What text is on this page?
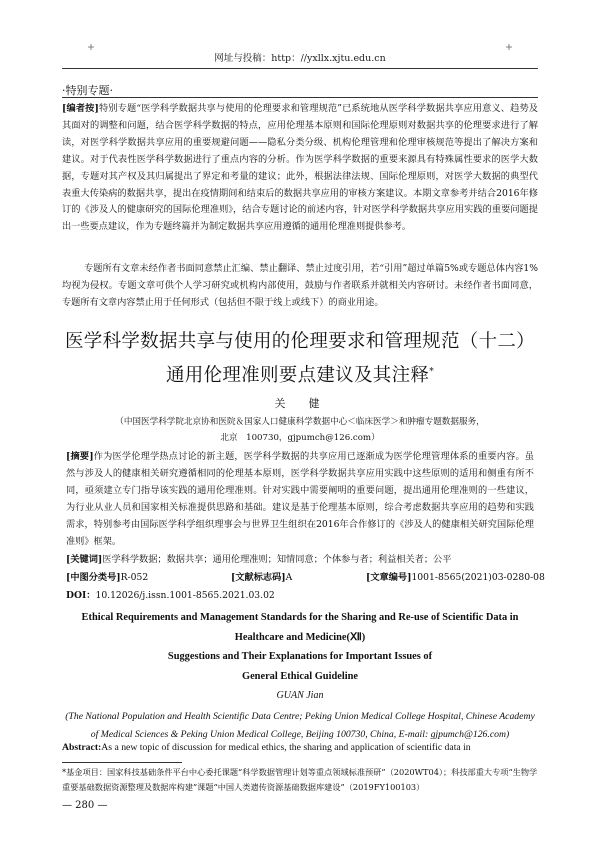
网址与投稿：http：//yxllx.xjtu.edu.cn
·特别专题·
[编者按]特别专题“医学科学数据共享与使用的伦理要求和管理规范”已系统地从医学科学数据共享应用意义、趋势及其面对的调整和问题，结合医学科学数据的特点，应用伦理基本原则和国际伦理原则对数据共享的伦理要求进行了解读，对医学科学数据共享应用的重要规避问题——隐私分类分级、机构伦理管理和伦理审核规范等提出了解决方案和建议。对于代表性医学科学数据进行了重点内容的分析。作为医学科学数据的重要来源具有特殊属性要求的医学大数据，专题对其产权及其归属提出了界定和考量的建议；此外，根据法律法规、国际伦理原则，对医学大数据的典型代表重大传染病的数据共享，提出在疫情期间和结束后的数据共享应用的审核方案建议。本期文章参考并结合2016年修订的《涉及人的健康研究的国际伦理准则》，结合专题讨论的前述内容，针对医学科学数据共享应用实践的重要问题提出一些要点建议，作为专题终篇并为制定数据共享应用遵循的通用伦理准则提供参考。
专题所有文章未经作者书面同意禁止汇编、禁止翻译、禁止过度引用，若“引用”超过单篇5%或专题总体内容1%均视为侵权。专题文章可供个人学习研究或机构内部使用，鼓励与作者联系并就相关内容研讨。未经作者书面同意，专题所有文章内容禁止用于任何形式（包括但不限于线上或线下）的商业用途。
医学科学数据共享与使用的伦理要求和管理规范（十二）
通用伦理准则要点建议及其注释*
关　健
（中国医学科学院北京协和医院＆国家人口健康科学数据中心＜临床医学＞和肿瘤专题数据服务，
北京　100730，gjpumch@126.com）
[摘要]作为医学伦理学热点讨论的新主题，医学科学数据的共享应用已逐渐成为医学伦理管理体系的重要内容。虽然与涉及人的健康相关研究遵循相同的伦理基本原则，医学科学数据共享应用实践中这些原则的适用和侧重有所不同，亟须建立专门指导该实践的通用伦理准则。针对实践中需要阐明的重要问题，提出通用伦理准则的一些建议，为行业从业人员和国家相关标准提供思路和基础。建议是基于伦理基本原则，综合考虑数据共享应用的趋势和实践需求，特别参考由国际医学科学组织理事会与世界卫生组织在2016年合作修订的《涉及人的健康相关研究国际伦理准则》框架。
[关键词]医学科学数据；数据共享；通用伦理准则；知情同意；个体参与者；利益相关者；公平
[中图分类号]R-052	[文献标志码]A	[文章编号]1001-8565(2021)03-0280-08
DOI：10.12026/j.issn.1001-8565.2021.03.02
Ethical Requirements and Management Standards for the Sharing and Re-use of Scientific Data in
Healthcare and Medicine(Ⅻ)
Suggestions and Their Explanations for Important Issues of
General Ethical Guideline
GUAN Jian
(The National Population and Health Scientific Data Centre; Peking Union Medical College Hospital, Chinese Academy of Medical Sciences & Peking Union Medical College, Beijing 100730, China, E-mail: gjpumch@126.com)
Abstract:As a new topic of discussion for medical ethics, the sharing and application of scientific data in
*基金项目：国家科技基础条件平台中心委托课题“科学数据管理计划等重点领域标准预研”（2020WT04）；科技部重大专项“生物学重要基础数据资源整理及数据库构建”课题“中国人类遗传资源基础数据库建设”（2019FY100103）
— 280 —
